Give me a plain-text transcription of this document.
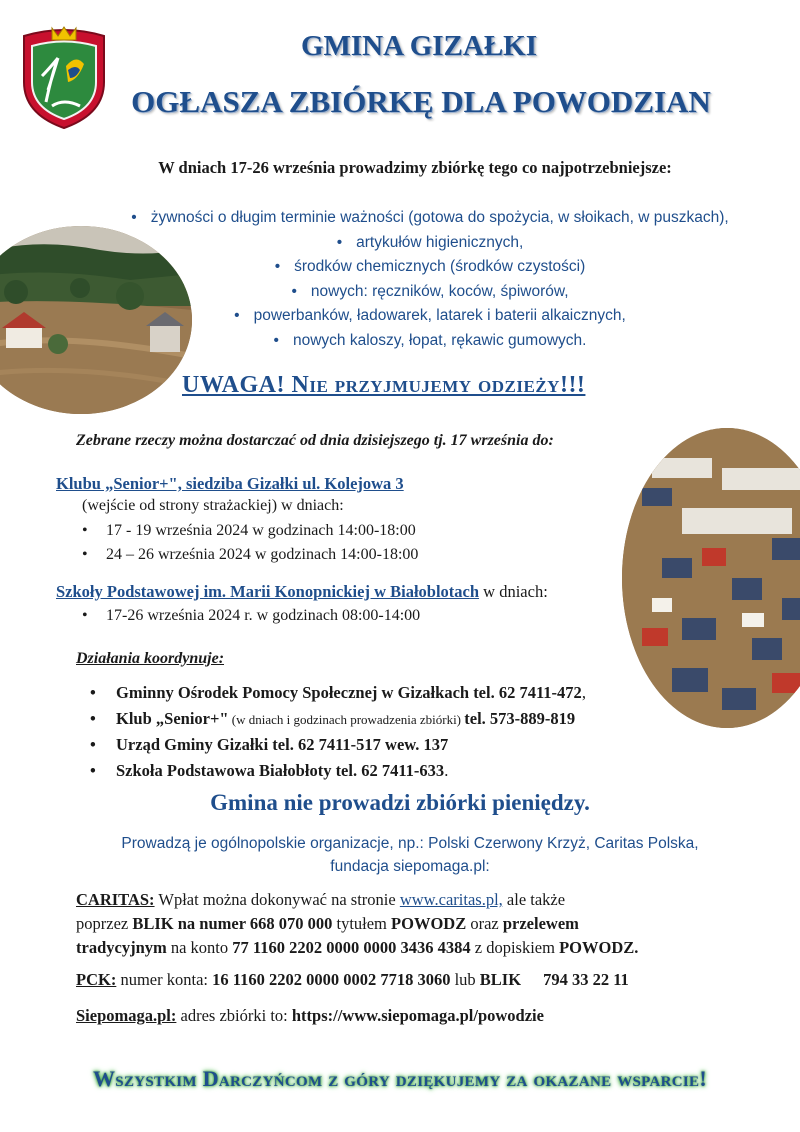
GMINA GIZAŁKI
OGŁASZA ZBIÓRKĘ DLA POWODZIAN
W dniach 17-26 września prowadzimy zbiórkę tego co najpotrzebniejsze:
• żywności o długim terminie ważności (gotowa do spożycia, w słoikach, w puszkach),
• artykułów higienicznych,
• środków chemicznych (środków czystości)
• nowych: ręczników, koców, śpiworów,
• powerbanków, ładowarek, latarek i baterii alkaicznych,
• nowych kaloszy, łopat, rękawic gumowych.
UWAGA! Nie przyjmujemy odzieży!!!
Zebrane rzeczy można dostarczać od dnia dzisiejszego tj. 17 września do:
Klubu „Senior+", siedziba Gizałki ul. Kolejowa 3
(wejście od strony strażackiej) w dniach:
• 17 - 19 września 2024 w godzinach 14:00-18:00
• 24 – 26 września 2024 w godzinach 14:00-18:00
Szkoły Podstawowej im. Marii Konopnickiej w Białoblotach w dniach:
• 17-26 września 2024 r. w godzinach 08:00-14:00
Działania koordynuje:
• Gminny Ośrodek Pomocy Społecznej w Gizałkach tel. 62 7411-472,
• Klub „Senior+" (w dniach i godzinach prowadzenia zbiórki) tel. 573-889-819
• Urząd Gminy Gizałki tel. 62 7411-517 wew. 137
• Szkoła Podstawowa Białobłoty tel. 62 7411-633.
Gmina nie prowadzi zbiórki pieniędzy.
Prowadzą je ogólnopolskie organizacje, np.: Polski Czerwony Krzyż, Caritas Polska,
fundacja siepomaga.pl:
CARITAS: Wpłat można dokonywać na stronie www.caritas.pl, ale także
poprzez BLIK na numer 668 070 000 tytułem POWODZ oraz przelewem
tradycyjnym na konto 77 1160 2202 0000 0000 3436 4384 z dopiskiem POWODZ.
PCK: numer konta: 16 1160 2202 0000 0002 7718 3060 lub BLIK 794 33 22 11
Siepomaga.pl: adres zbiórki to: https://www.siepomaga.pl/powodzie
Wszystkim Darczyńcom z góry dziękujemy za okazane wsparcie!
